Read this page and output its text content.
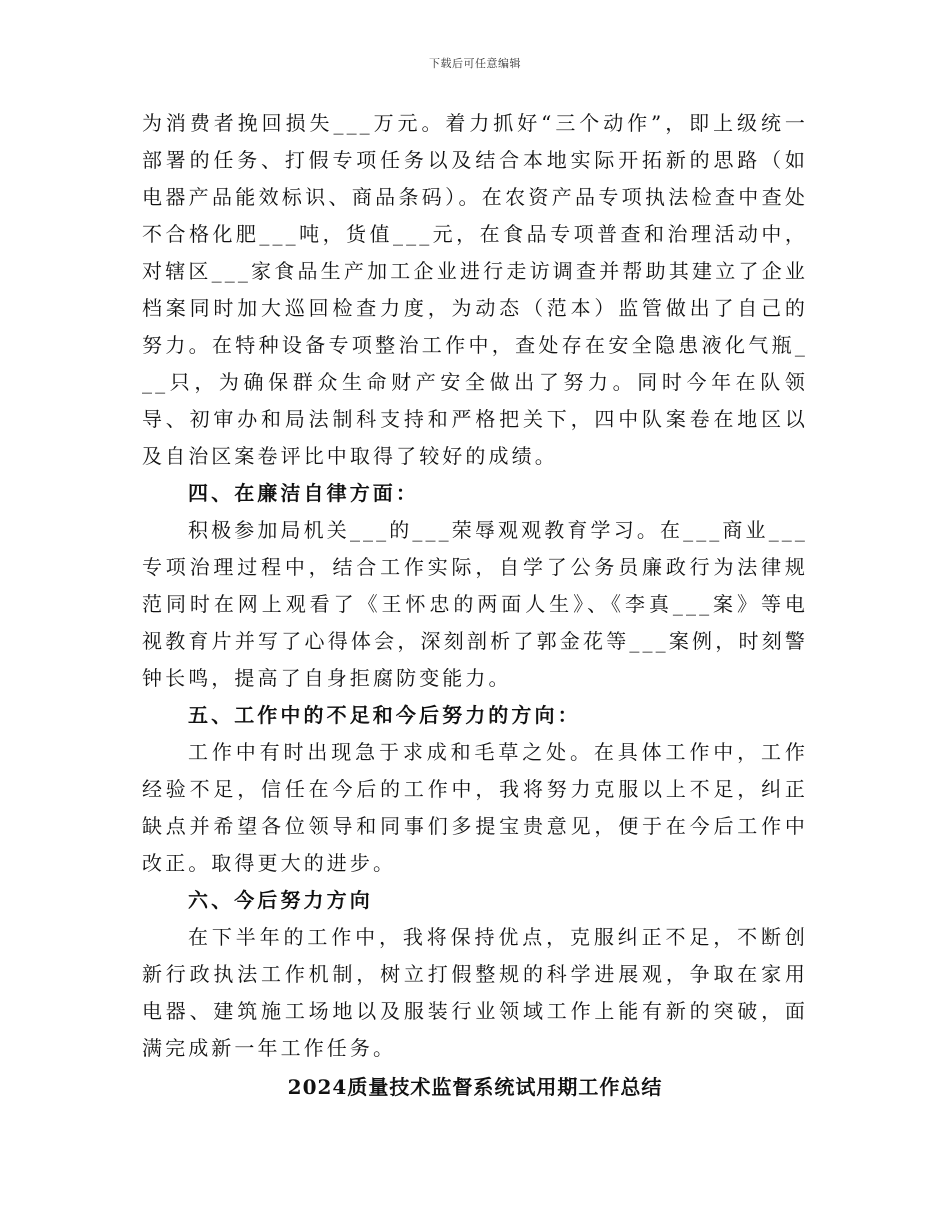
下载后可任意编辑

为消费者挽回损失___万元。着力抓好“三个动作”，即上级统一部署的任务、打假专项任务以及结合本地实际开拓新的思路（如电器产品能效标识、商品条码）。在农资产品专项执法检查中查处不合格化肥___吨，货值___元，在食品专项普查和治理活动中，对辖区___家食品生产加工企业进行走访调查并帮助其建立了企业档案同时加大巡回检查力度，为动态（范本）监管做出了自己的努力。在特种设备专项整治工作中，查处存在安全隐患液化气瓶___只，为确保群众生命财产安全做出了努力。同时今年在队领导、初审办和局法制科支持和严格把关下，四中队案卷在地区以及自治区案卷评比中取得了较好的成绩。

四、在廉洁自律方面：

积极参加局机关___的___荣辱观观教育学习。在___商业___专项治理过程中，结合工作实际，自学了公务员廉政行为法律规范同时在网上观看了《王怀忠的两面人生》、《李真___案》等电视教育片并写了心得体会，深刻剖析了郭金花等___案例，时刻警钟长鸣，提高了自身拒腐防变能力。

五、工作中的不足和今后努力的方向：

工作中有时出现急于求成和毛草之处。在具体工作中，工作经验不足，信任在今后的工作中，我将努力克服以上不足，纠正缺点并希望各位领导和同事们多提宝贵意见，便于在今后工作中改正。取得更大的进步。

六、今后努力方向

在下半年的工作中，我将保持优点，克服纠正不足，不断创新行政执法工作机制，树立打假整规的科学进展观，争取在家用电器、建筑施工场地以及服装行业领域工作上能有新的突破，面满完成新一年工作任务。

2024质量技术监督系统试用期工作总结
